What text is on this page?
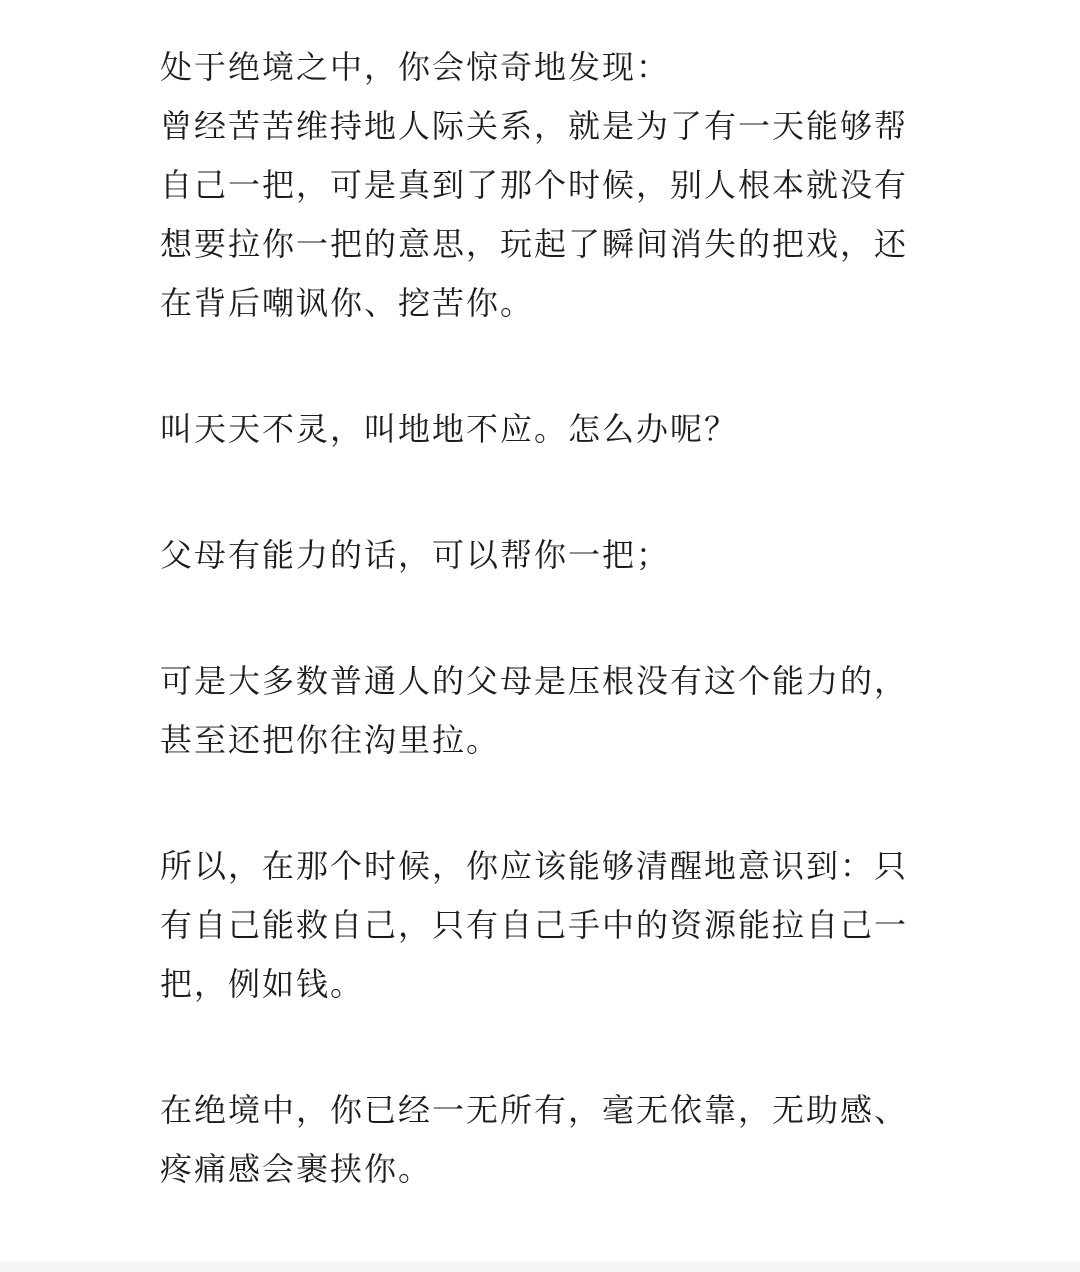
处于绝境之中，你会惊奇地发现：
曾经苦苦维持地人际关系，就是为了有一天能够帮
自己一把，可是真到了那个时候，别人根本就没有
想要拉你一把的意思，玩起了瞬间消失的把戏，还
在背后嘲讽你、挖苦你。
叫天天不灵，叫地地不应。怎么办呢？
父母有能力的话，可以帮你一把；
可是大多数普通人的父母是压根没有这个能力的，
甚至还把你往沟里拉。
所以，在那个时候，你应该能够清醒地意识到：只
有自己能救自己，只有自己手中的资源能拉自己一
把，例如钱。
在绝境中，你已经一无所有，毫无依靠，无助感、
疼痛感会裹挟你。
